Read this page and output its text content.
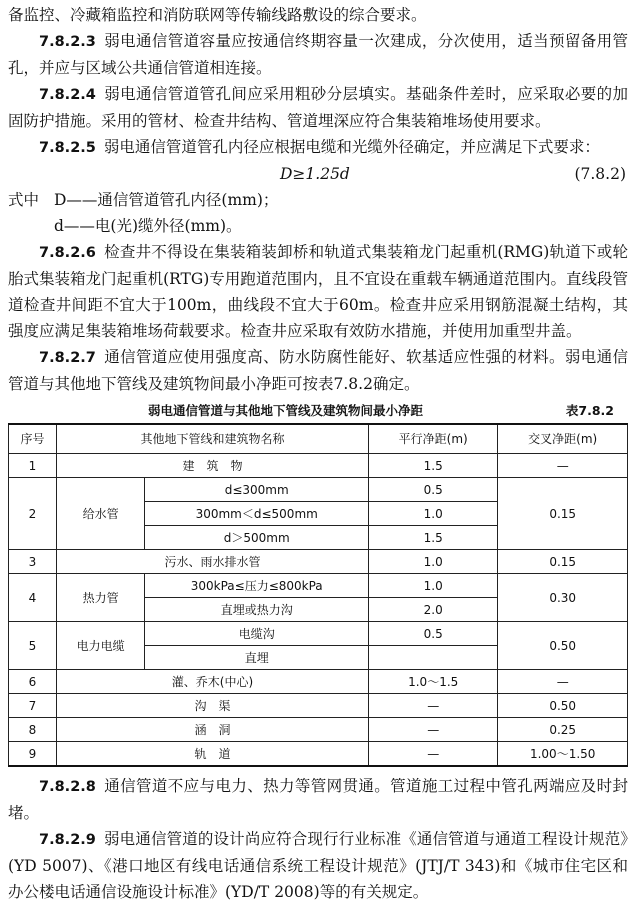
备监控、冷藏箱监控和消防联网等传输线路敷设的综合要求。

7.8.2.3 弱电通信管道容量应按通信终期容量一次建成，分次使用，适当预留备用管孔，并应与区域公共通信管道相连接。

7.8.2.4 弱电通信管道管孔间应采用粗砂分层填实。基础条件差时，应采取必要的加固防护措施。采用的管材、检查井结构、管道埋深应符合集装箱堆场使用要求。

7.8.2.5 弱电通信管道管孔内径应根据电缆和光缆外径确定，并应满足下式要求：

D≥1.25d	(7.8.2)
式中 D——通信管道管孔内径(mm)；
d——电(光)缆外径(mm)。

7.8.2.6 检查井不得设在集装箱装卸桥和轨道式集装箱龙门起重机(RMG)轨道下或轮胎式集装箱龙门起重机(RTG)专用跑道范围内，且不宜设在重载车辆通道范围内。直线段管道检查井间距不宜大于100m，曲线段不宜大于60m。检查井应采用钢筋混凝土结构，其强度应满足集装箱堆场荷载要求。检查井应采取有效防水措施，并使用加重型井盖。

7.8.2.7 通信管道应使用强度高、防水防腐性能好、软基适应性强的材料。弱电通信管道与其他地下管线及建筑物间最小净距可按表7.8.2确定。

弱电通信管道与其他地下管线及建筑物间最小净距	表7.8.2
序号	其他地下管线和建筑物名称		平行净距(m)	交叉净距(m)
1	建　筑　物		1.5	—
2	给水管	d≤300mm	0.5	0.15
		300mm＜d≤500mm	1.0	
		d＞500mm	1.5	
3	污水、雨水排水管		1.0	0.15
4	热力管	300kPa≤压力≤800kPa	1.0	0.30
		直埋或热力沟	2.0	
5	电力电缆	电缆沟	0.5	0.50
		直埋		
6	灌、乔木(中心)		1.0～1.5	—
7	沟　渠		—	0.50
8	涵　洞		—	0.25
9	轨　道		—	1.00～1.50

7.8.2.8 通信管道不应与电力、热力等管网贯通。管道施工过程中管孔两端应及时封堵。

7.8.2.9 弱电通信管道的设计尚应符合现行行业标准《通信管道与通道工程设计规范》(YD 5007)、《港口地区有线电话通信系统工程设计规范》(JTJ/T 343)和《城市住宅区和办公楼电话通信设施设计标准》(YD/T 2008)等的有关规定。
